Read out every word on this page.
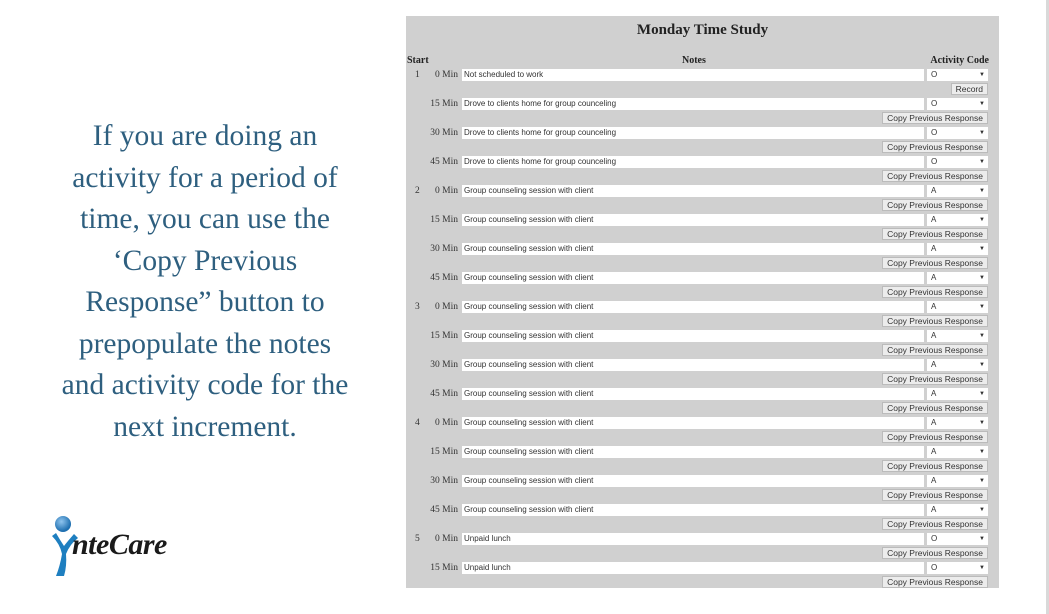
If you are doing an
activity for a period of
time, you can use the
‘Copy Previous
Response” button to
prepopulate the notes
and activity code for the
next increment.
nteCare
Monday Time Study
Start	Notes	Activity Code
1	0 Min Not scheduled to work	O	▼
Record
15 Min Drove to clients home for group counceling	O	▼
Copy Previous Response
30 Min Drove to clients home for group counceling	O	▼
Copy Previous Response
45 Min Drove to clients home for group counceling	O	▼
Copy Previous Response
2	0 Min Group counseling session with client	A	▼
Copy Previous Response
15 Min Group counseling session with client	A	▼
Copy Previous Response
30 Min Group counseling session with client	A	▼
Copy Previous Response
45 Min Group counseling session with client	A	▼
Copy Previous Response
3	0 Min Group counseling session with client	A	▼
Copy Previous Response
15 Min Group counseling session with client	A	▼
Copy Previous Response
30 Min Group counseling session with client	A	▼
Copy Previous Response
45 Min Group counseling session with client	A	▼
Copy Previous Response
4	0 Min Group counseling session with client	A	▼
Copy Previous Response
15 Min Group counseling session with client	A	▼
Copy Previous Response
30 Min Group counseling session with client	A	▼
Copy Previous Response
45 Min Group counseling session with client	A	▼
Copy Previous Response
5	0 Min Unpaid lunch	O	▼
Copy Previous Response
15 Min Unpaid lunch	O	▼
Copy Previous Response
